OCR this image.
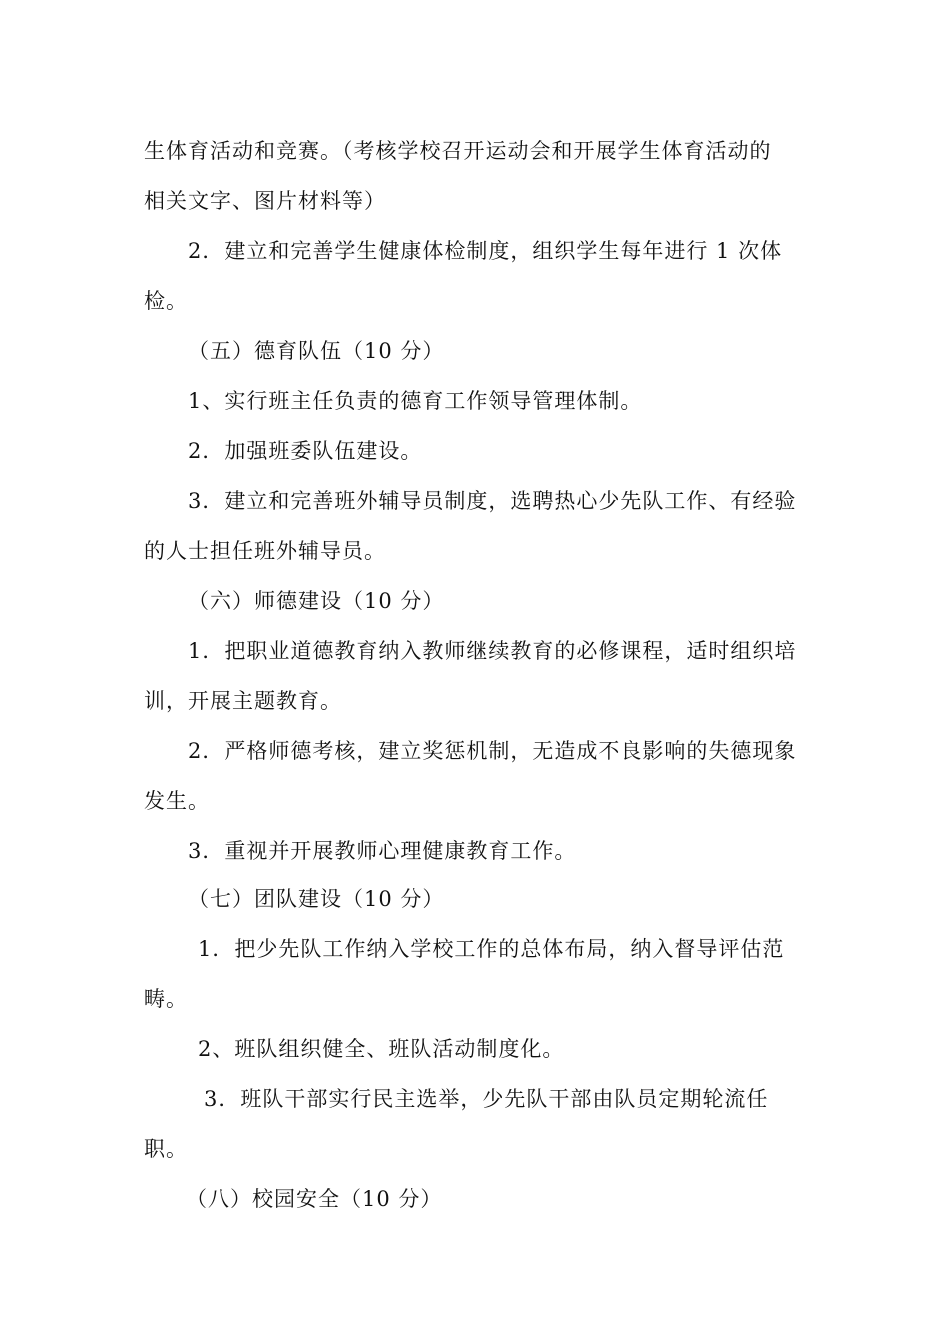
生体育活动和竞赛。（考核学校召开运动会和开展学生体育活动的

相关文字、图片材料等）

2．建立和完善学生健康体检制度，组织学生每年进行 1 次体

检。

（五）德育队伍（10 分）

1、实行班主任负责的德育工作领导管理体制。

2．加强班委队伍建设。

3．建立和完善班外辅导员制度，选聘热心少先队工作、有经验

的人士担任班外辅导员。

（六）师德建设（10 分）

1．把职业道德教育纳入教师继续教育的必修课程，适时组织培

训，开展主题教育。

2．严格师德考核，建立奖惩机制，无造成不良影响的失德现象

发生。

3．重视并开展教师心理健康教育工作。

（七）团队建设（10 分）

1．把少先队工作纳入学校工作的总体布局，纳入督导评估范

畴。

2、班队组织健全、班队活动制度化。

3．班队干部实行民主选举，少先队干部由队员定期轮流任

职。

（八）校园安全（10 分）
